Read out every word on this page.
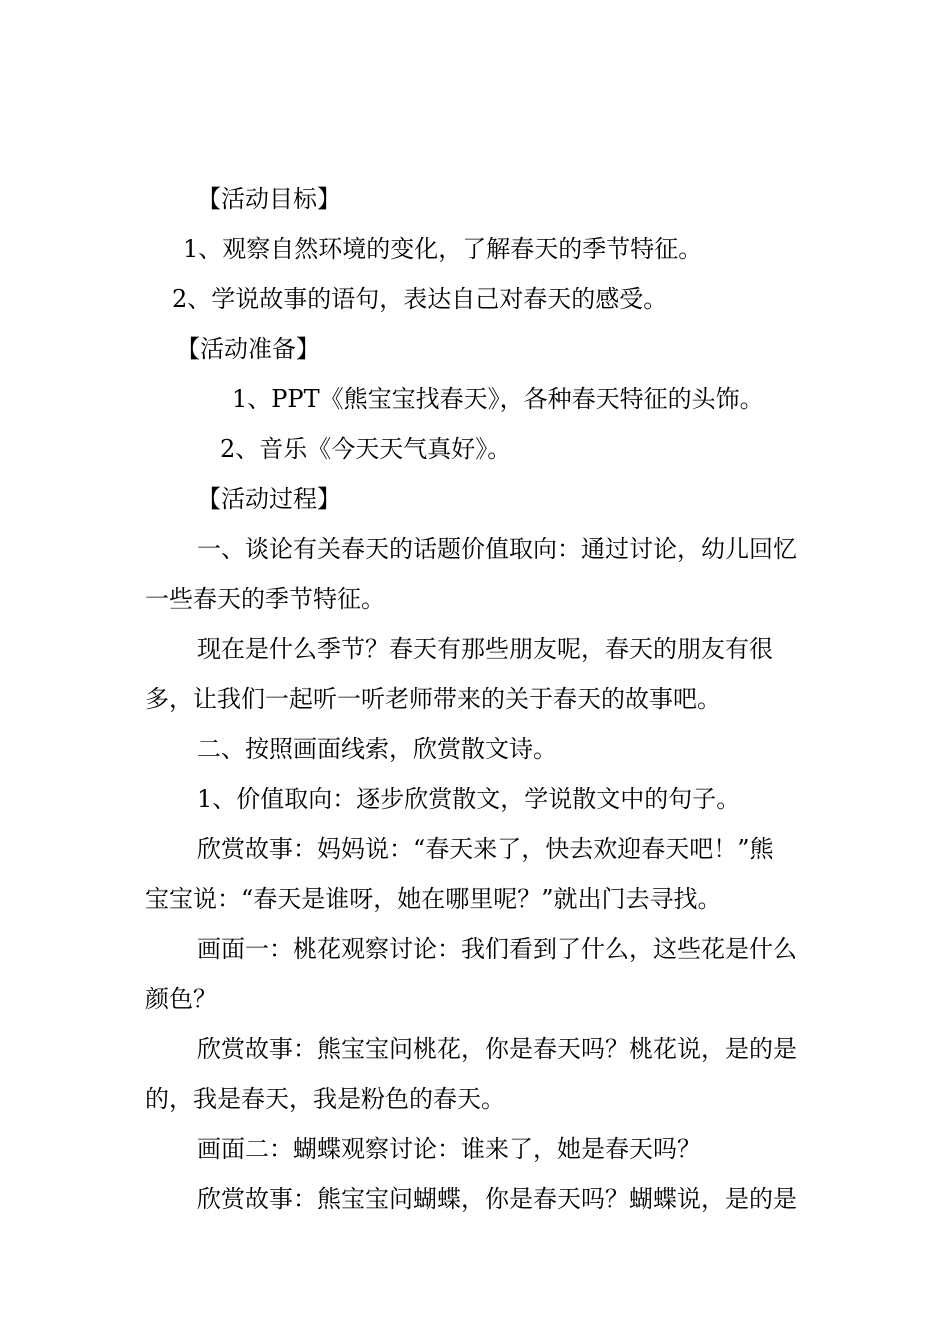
【活动目标】
1、观察自然环境的变化，了解春天的季节特征。
2、学说故事的语句，表达自己对春天的感受。
【活动准备】
1、PPT《熊宝宝找春天》，各种春天特征的头饰。
2、音乐《今天天气真好》。
【活动过程】
一、谈论有关春天的话题价值取向：通过讨论，幼儿回忆
一些春天的季节特征。
现在是什么季节？春天有那些朋友呢，春天的朋友有很
多，让我们一起听一听老师带来的关于春天的故事吧。
二、按照画面线索，欣赏散文诗。
1、价值取向：逐步欣赏散文，学说散文中的句子。
欣赏故事：妈妈说：“春天来了，快去欢迎春天吧！”熊
宝宝说：“春天是谁呀，她在哪里呢？”就出门去寻找。
画面一：桃花观察讨论：我们看到了什么，这些花是什么
颜色？
欣赏故事：熊宝宝问桃花，你是春天吗？桃花说，是的是
的，我是春天，我是粉色的春天。
画面二：蝴蝶观察讨论：谁来了，她是春天吗？
欣赏故事：熊宝宝问蝴蝶，你是春天吗？蝴蝶说，是的是
